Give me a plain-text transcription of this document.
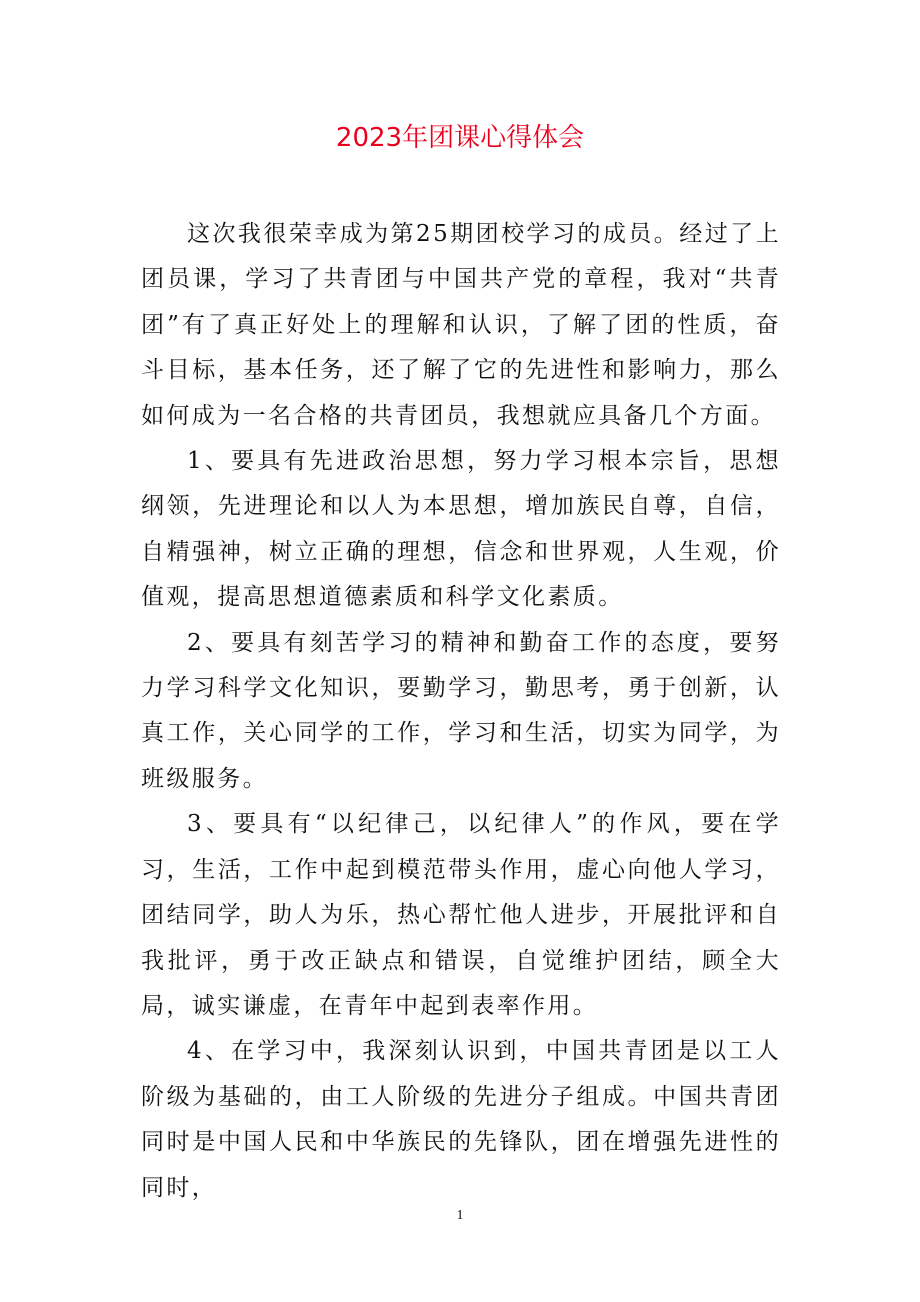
2023年团课心得体会

这次我很荣幸成为第25期团校学习的成员。经过了上团员课，学习了共青团与中国共产党的章程，我对“共青团”有了真正好处上的理解和认识，了解了团的性质，奋斗目标，基本任务，还了解了它的先进性和影响力，那么如何成为一名合格的共青团员，我想就应具备几个方面。

1、要具有先进政治思想，努力学习根本宗旨，思想纲领，先进理论和以人为本思想，增加族民自尊，自信，自精强神，树立正确的理想，信念和世界观，人生观，价值观，提高思想道德素质和科学文化素质。

2、要具有刻苦学习的精神和勤奋工作的态度，要努力学习科学文化知识，要勤学习，勤思考，勇于创新，认真工作，关心同学的工作，学习和生活，切实为同学，为班级服务。

3、要具有“以纪律己，以纪律人”的作风，要在学习，生活，工作中起到模范带头作用，虚心向他人学习，团结同学，助人为乐，热心帮忙他人进步，开展批评和自我批评，勇于改正缺点和错误，自觉维护团结，顾全大局，诚实谦虚，在青年中起到表率作用。

4、在学习中，我深刻认识到，中国共青团是以工人阶级为基础的，由工人阶级的先进分子组成。中国共青团同时是中国人民和中华族民的先锋队，团在增强先进性的同时，

1
